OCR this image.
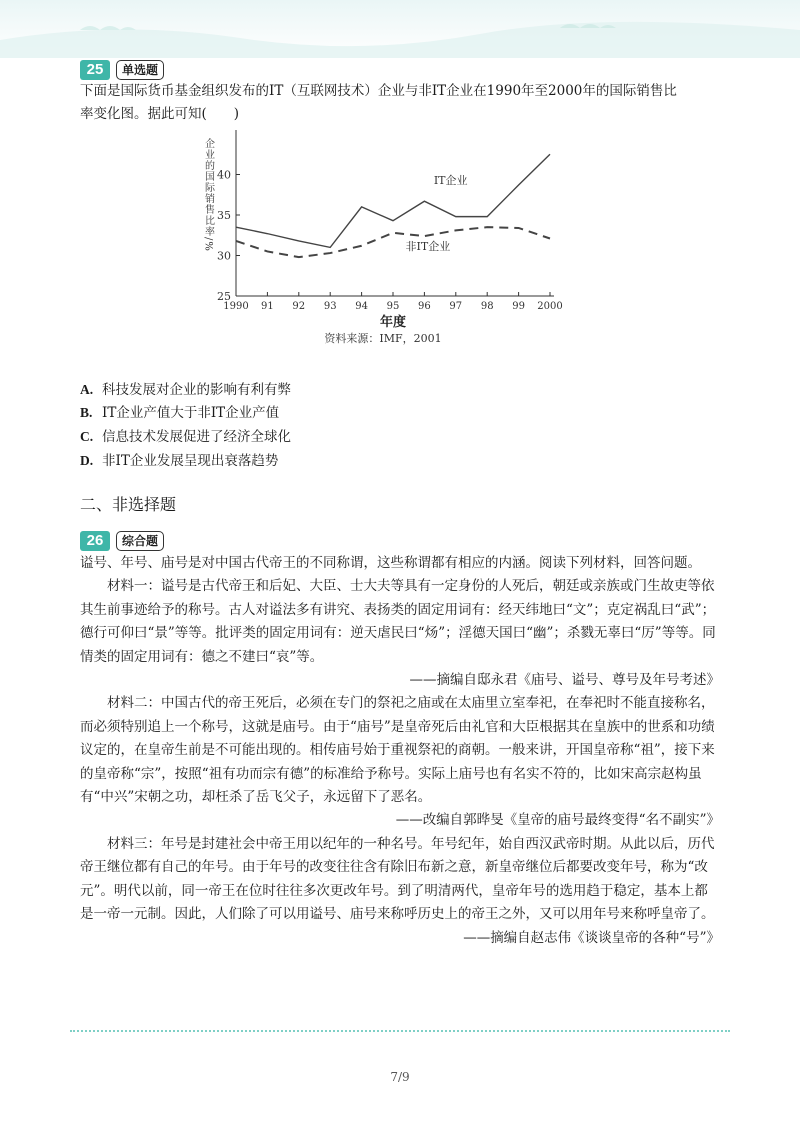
25	单选题
下面是国际货币基金组织发布的IT（互联网技术）企业与非IT企业在1990年至2000年的国际销售比
率变化图。据此可知(　　)
25
30
35
40
1990 91 92 93 94 95 96 97 98 99 2000
IT企业
非IT企业
企业的国际销售比率/%
年度
资料来源：IMF，2001
A. 科技发展对企业的影响有利有弊
B. IT企业产值大于非IT企业产值
C. 信息技术发展促进了经济全球化
D. 非IT企业发展呈现出衰落趋势
二、非选择题
26	综合题
谥号、年号、庙号是对中国古代帝王的不同称谓，这些称谓都有相应的内涵。阅读下列材料，回答问题。
材料一：谥号是古代帝王和后妃、大臣、士大夫等具有一定身份的人死后，朝廷或亲族或门生故吏等依其生前事迹给予的称号。古人对谥法多有讲究、表扬类的固定用词有：经天纬地曰“文”；克定祸乱曰“武”；德行可仰曰“景”等等。批评类的固定用词有：逆天虐民曰“炀”；淫德天国曰“幽”；杀戮无辜曰“厉”等等。同情类的固定用词有：德之不建曰“哀”等。
——摘编自邸永君《庙号、谥号、尊号及年号考述》
材料二：中国古代的帝王死后，必须在专门的祭祀之庙或在太庙里立室奉祀，在奉祀时不能直接称名，而必须特别追上一个称号，这就是庙号。由于“庙号”是皇帝死后由礼官和大臣根据其在皇族中的世系和功绩议定的，在皇帝生前是不可能出现的。相传庙号始于重视祭祀的商朝。一般来讲，开国皇帝称“祖”，接下来的皇帝称“宗”，按照“祖有功而宗有德”的标准给予称号。实际上庙号也有名实不符的，比如宋高宗赵构虽有“中兴”宋朝之功，却枉杀了岳飞父子，永远留下了恶名。
——改编自郭晔旻《皇帝的庙号最终变得“名不副实”》
材料三：年号是封建社会中帝王用以纪年的一种名号。年号纪年，始自西汉武帝时期。从此以后，历代帝王继位都有自己的年号。由于年号的改变往往含有除旧布新之意，新皇帝继位后都要改变年号，称为“改元”。明代以前，同一帝王在位时往往多次更改年号。到了明清两代，皇帝年号的选用趋于稳定，基本上都是一帝一元制。因此，人们除了可以用谥号、庙号来称呼历史上的帝王之外，又可以用年号来称呼皇帝了。
——摘编自赵志伟《谈谈皇帝的各种“号”》
7/9
